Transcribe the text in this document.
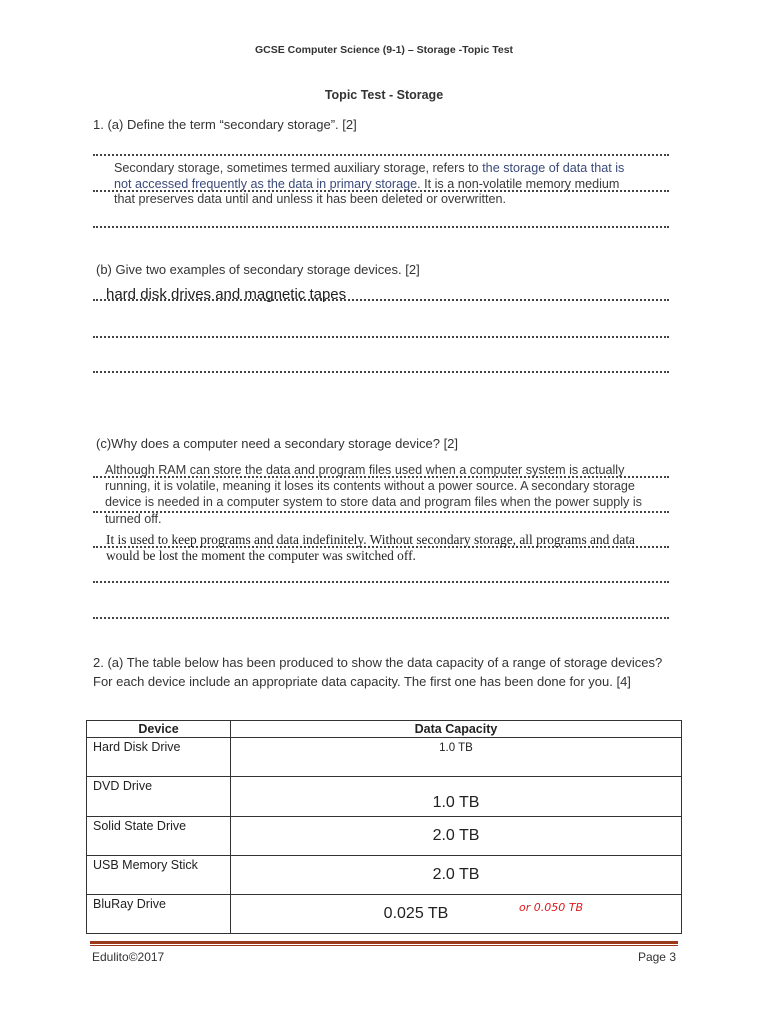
GCSE Computer Science (9-1) – Storage -Topic Test
Topic Test - Storage
1. (a) Define the term “secondary storage”. [2]
Secondary storage, sometimes termed auxiliary storage, refers to the storage of data that is not accessed frequently as the data in primary storage. It is a non-volatile memory medium that preserves data until and unless it has been deleted or overwritten.
(b) Give two examples of secondary storage devices. [2]
hard disk drives and magnetic tapes
(c)Why does a computer need a secondary storage device? [2]
Although RAM can store the data and program files used when a computer system is actually running, it is volatile, meaning it loses its contents without a power source. A secondary storage device is needed in a computer system to store data and program files when the power supply is turned off.
It is used to keep programs and data indefinitely. Without secondary storage, all programs and data would be lost the moment the computer was switched off.
2. (a) The table below has been produced to show the data capacity of a range of storage devices? For each device include an appropriate data capacity. The first one has been done for you. [4]
Device	Data Capacity
Hard Disk Drive	1.0 TB
DVD Drive	1.0 TB
Solid State Drive	2.0 TB
USB Memory Stick	2.0 TB
BluRay Drive	0.025 TB or 0.050 TB
Edulito©2017	Page 3
